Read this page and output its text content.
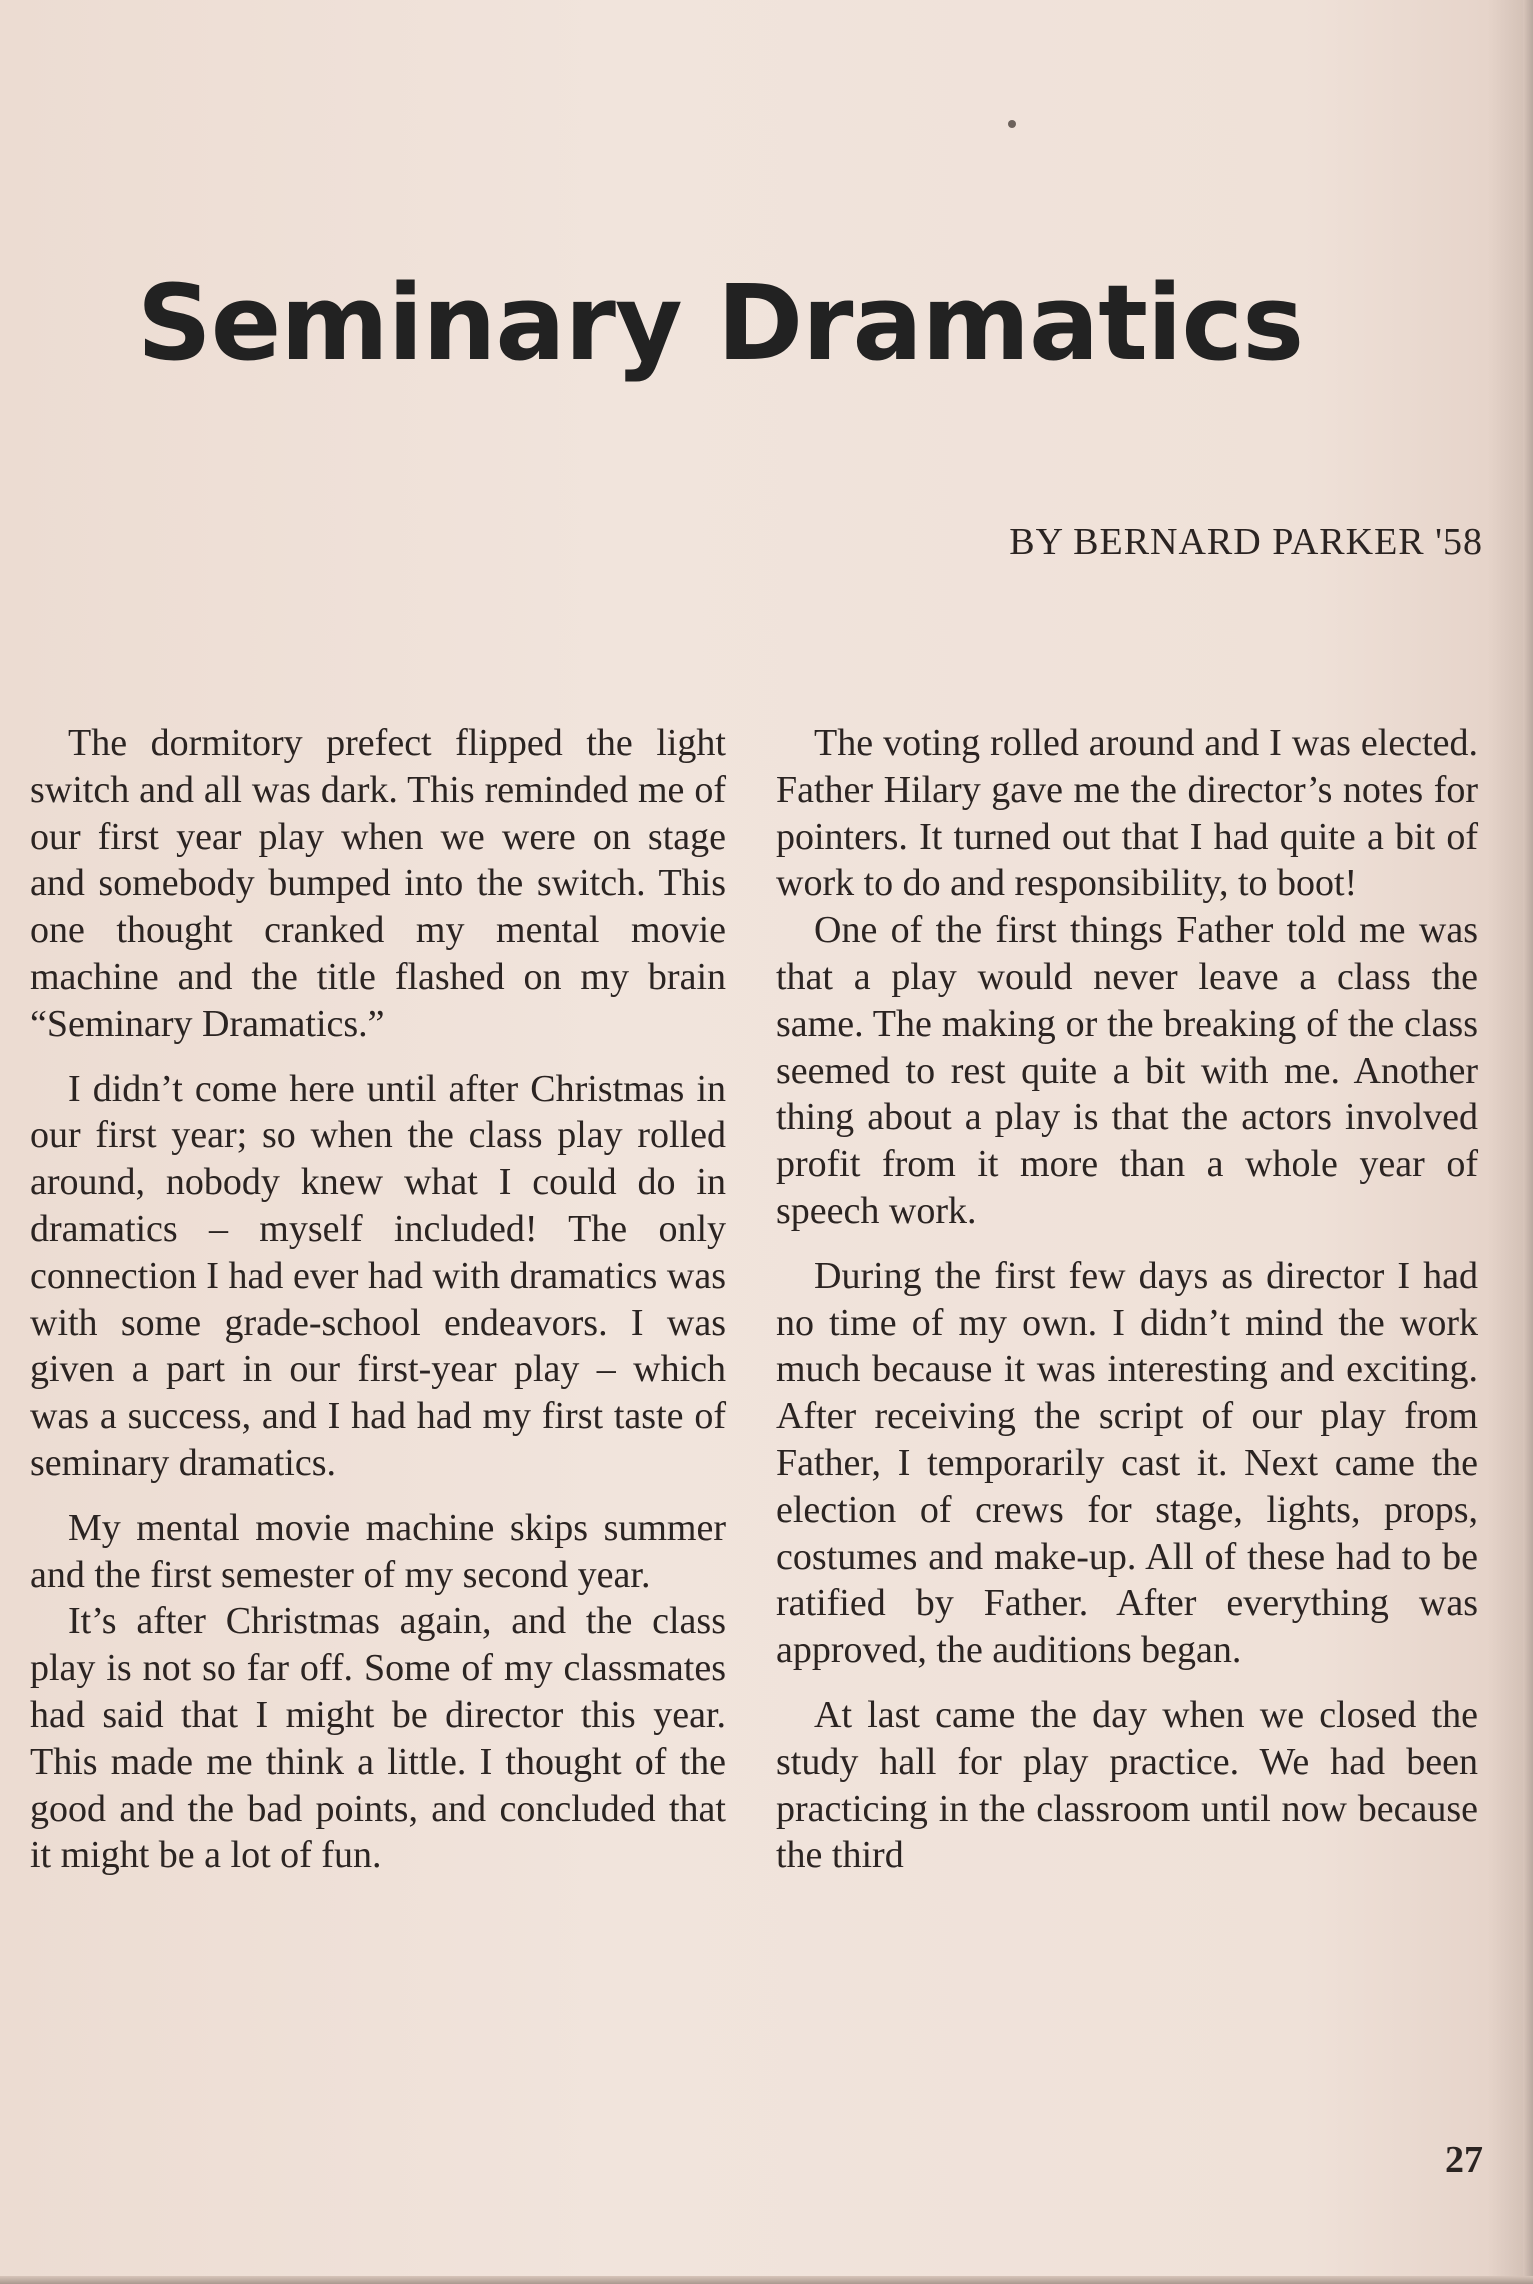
Seminary Dramatics
BY BERNARD PARKER '58

The dormitory prefect flipped the light switch and all was dark. This reminded me of our first year play when we were on stage and somebody bumped into the switch. This one thought cranked my mental movie machine and the title flashed on my brain “Seminary Dramatics.”

I didn’t come here until after Christmas in our first year; so when the class play rolled around, nobody knew what I could do in dramatics – myself included! The only connection I had ever had with dramatics was with some grade-school endeavors. I was given a part in our first-year play – which was a success, and I had had my first taste of seminary dramatics.

My mental movie machine skips summer and the first semester of my second year.

It’s after Christmas again, and the class play is not so far off. Some of my classmates had said that I might be director this year. This made me think a little. I thought of the good and the bad points, and concluded that it might be a lot of fun.

The voting rolled around and I was elected. Father Hilary gave me the director’s notes for pointers. It turned out that I had quite a bit of work to do and responsibility, to boot!

One of the first things Father told me was that a play would never leave a class the same. The making or the breaking of the class seemed to rest quite a bit with me. Another thing about a play is that the actors involved profit from it more than a whole year of speech work.

During the first few days as director I had no time of my own. I didn’t mind the work much because it was interesting and exciting. After receiving the script of our play from Father, I temporarily cast it. Next came the election of crews for stage, lights, props, costumes and make-up. All of these had to be ratified by Father. After everything was approved, the auditions began.

At last came the day when we closed the study hall for play practice. We had been practicing in the classroom until now because the third

27
